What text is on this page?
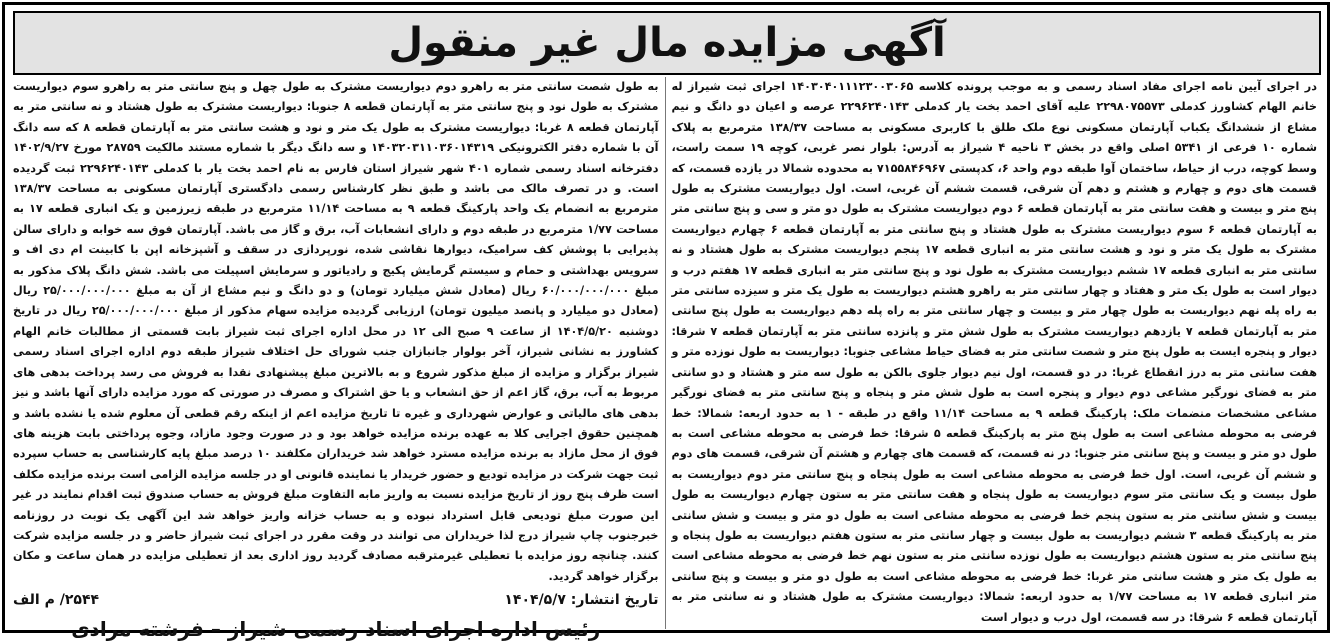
آگهی مزایده مال غیر منقول

در اجرای آیین نامه اجرای مفاد اسناد رسمی و به موجب پرونده کلاسه ۱۴۰۳۰۴۰۱۱۱۲۳۰۰۳۰۶۵ اجرای ثبت شیراز له خانم الهام کشاورز کدملی ۲۲۹۸۰۷۵۵۷۳ علیه آقای احمد بخت یار کدملی ۲۲۹۶۲۴۰۱۴۳ عرصه و اعیان دو دانگ و نیم مشاع از ششدانگ یکباب آپارتمان مسکونی نوع ملک طلق با کاربری مسکونی به مساحت ۱۳۸/۳۷ مترمربع به پلاک شماره ۱۰ فرعی از ۵۳۴۱ اصلی واقع در بخش ۳ ناحیه ۴ شیراز به آدرس: بلوار نصر غربی، کوچه ۱۹ سمت راست، وسط کوچه، درب از حیاط، ساختمان آوا طبقه دوم واحد ۶، کدپستی ۷۱۵۵۸۴۶۹۶۷ به محدوده شمالا در یازده قسمت، که قسمت های دوم و چهارم و هشتم و دهم آن شرقی، قسمت ششم آن غربی، است. اول دیواریست مشترک به طول پنج متر و بیست و هفت سانتی متر به آپارتمان قطعه ۶ دوم دیواریست مشترک به طول دو متر و سی و پنج سانتی متر به آپارتمان قطعه ۶ سوم دیواریست مشترک به طول هشتاد و پنج سانتی متر به آپارتمان قطعه ۶ چهارم دیواریست مشترک به طول یک متر و نود و هشت سانتی متر به انباری قطعه ۱۷ پنجم دیواریست مشترک به طول هشتاد و نه سانتی متر به انباری قطعه ۱۷ ششم دیواریست مشترک به طول نود و پنج سانتی متر به انباری قطعه ۱۷ هفتم درب و دیوار است به طول یک متر و هفتاد و چهار سانتی متر به راهرو هشتم دیواریست به طول یک متر و سیزده سانتی متر به راه پله نهم دیواریست به طول چهار متر و بیست و چهار سانتی متر به راه پله دهم دیواریست به طول پنج سانتی متر به آپارتمان قطعه ۷ یازدهم دیواریست مشترک به طول شش متر و پانزده سانتی متر به آپارتمان قطعه ۷ شرقا: دیوار و پنجره ایست به طول پنج متر و شصت سانتی متر به فضای حیاط مشاعی جنوبا: دیواریست به طول نوزده متر و هفت سانتی متر به درز انقطاع غربا: در دو قسمت، اول نیم دیوار جلوی بالکن به طول سه متر و هشتاد و دو سانتی متر به فضای نورگیر مشاعی دوم دیوار و پنجره است به طول شش متر و پنجاه و پنج سانتی متر به فضای نورگیر مشاعی مشخصات منضمات ملک: پارکینگ قطعه ۹ به مساحت ۱۱/۱۴ واقع در طبقه - ۱ به حدود اربعه: شمالا: خط فرضی به محوطه مشاعی است به طول پنج متر به پارکینگ قطعه ۵ شرقا: خط فرضی به محوطه مشاعی است به طول دو متر و بیست و پنج سانتی متر جنوبا: در نه قسمت، که قسمت های چهارم و هشتم آن شرقی، قسمت های دوم و ششم آن غربی، است. اول خط فرضی به محوطه مشاعی است به طول پنجاه و پنج سانتی متر دوم دیواریست به طول بیست و یک سانتی متر سوم دیواریست به طول پنجاه و هفت سانتی متر به ستون چهارم دیواریست به طول بیست و شش سانتی متر به ستون پنجم خط فرضی به محوطه مشاعی است به طول دو متر و بیست و شش سانتی متر به پارکینگ قطعه ۳ ششم دیواریست به طول بیست و چهار سانتی متر به ستون هفتم دیواریست به طول پنجاه و پنج سانتی متر به ستون هشتم دیواریست به طول نوزده سانتی متر به ستون نهم خط فرضی به محوطه مشاعی است به طول یک متر و هشت سانتی متر غربا: خط فرضی به محوطه مشاعی است به طول دو متر و بیست و پنج سانتی متر انباری قطعه ۱۷ به مساحت ۱/۷۷ به حدود اربعه: شمالا: دیواریست مشترک به طول هشتاد و نه سانتی متر به آپارتمان قطعه ۶ شرقا: در سه قسمت، اول درب و دیوار است

به طول شصت سانتی متر به راهرو دوم دیواریست مشترک به طول چهل و پنج سانتی متر به راهرو سوم دیواریست مشترک به طول نود و پنج سانتی متر به آپارتمان قطعه ۸ جنوبا: دیواریست مشترک به طول هشتاد و نه سانتی متر به آپارتمان قطعه ۸ غربا: دیواریست مشترک به طول یک متر و نود و هشت سانتی متر به آپارتمان قطعه ۸ که سه دانگ آن با شماره دفتر الکترونیکی ۱۴۰۳۲۰۳۱۱۰۳۶۰۱۴۳۱۹ و سه دانگ دیگر با شماره مستند مالکیت ۲۸۷۵۹ مورخ ۱۴۰۲/۹/۲۷ دفترخانه اسناد رسمی شماره ۴۰۱ شهر شیراز استان فارس به نام احمد بخت یار با کدملی ۲۲۹۶۲۴۰۱۴۳ ثبت گردیده است. و در تصرف مالک می باشد و طبق نظر کارشناس رسمی دادگستری آپارتمان مسکونی به مساحت ۱۳۸/۳۷ مترمربع به انضمام یک واحد پارکینگ قطعه ۹ به مساحت ۱۱/۱۴ مترمربع در طبقه زیرزمین و یک انباری قطعه ۱۷ به مساحت ۱/۷۷ مترمربع در طبقه دوم و دارای انشعابات آب، برق و گاز می باشد. آپارتمان فوق سه خوابه و دارای سالن پذیرایی با پوشش کف سرامیک، دیوارها نقاشی شده، نورپردازی در سقف و آشپزخانه اپن با کابینت ام دی اف و سرویس بهداشتی و حمام و سیستم گرمایش پکیج و رادیاتور و سرمایش اسپیلت می باشد. شش دانگ پلاک مذکور به مبلغ ۶۰/۰۰۰/۰۰۰/۰۰۰ ریال (معادل شش میلیارد تومان) و دو دانگ و نیم مشاع از آن به مبلغ ۲۵/۰۰۰/۰۰۰/۰۰۰ ریال (معادل دو میلیارد و پانصد میلیون تومان) ارزیابی گردیده مزایده سهام مذکور از مبلغ ۲۵/۰۰۰/۰۰۰/۰۰۰ ریال در تاریخ دوشنبه ۱۴۰۴/۵/۲۰ از ساعت ۹ صبح الی ۱۲ در محل اداره اجرای ثبت شیراز بابت قسمتی از مطالبات خانم الهام کشاورز به نشانی شیراز، آخر بولوار جانبازان جنب شورای حل اختلاف شیراز طبقه دوم اداره اجرای اسناد رسمی شیراز برگزار و مزایده از مبلغ مذکور شروع و به بالاترین مبلغ پیشنهادی نقدا به فروش می رسد پرداخت بدهی های مربوط به آب، برق، گاز اعم از حق انشعاب و یا حق اشتراک و مصرف در صورتی که مورد مزایده دارای آنها باشد و نیز بدهی های مالیاتی و عوارض شهرداری و غیره تا تاریخ مزایده اعم از اینکه رقم قطعی آن معلوم شده یا نشده باشد و همچنین حقوق اجرایی کلا به عهده برنده مزایده خواهد بود و در صورت وجود مازاد، وجوه پرداختی بابت هزینه های فوق از محل مازاد به برنده مزایده مسترد خواهد شد خریداران مکلفند ۱۰ درصد مبلغ پایه کارشناسی به حساب سپرده ثبت جهت شرکت در مزایده تودیع و حضور خریدار یا نماینده قانونی او در جلسه مزایده الزامی است برنده مزایده مکلف است ظرف پنج روز از تاریخ مزایده نسبت به واریز مابه التفاوت مبلغ فروش به حساب صندوق ثبت اقدام نمایند در غیر این صورت مبلغ تودیعی قابل استرداد نبوده و به حساب خزانه واریز خواهد شد این آگهی یک نوبت در روزنامه خبرجنوب چاپ شیراز درج لذا خریداران می توانند در وقت مقرر در اجرای ثبت شیراز حاضر و در جلسه مزایده شرکت کنند. چنانچه روز مزایده با تعطیلی غیرمترقبه مصادف گردید روز اداری بعد از تعطیلی مزایده در همان ساعت و مکان برگزار خواهد گردید.

تاریخ انتشار: ۱۴۰۴/۵/۷
۲۵۴۴/ م الف
رئیس اداره اجرای اسناد رسمی شیراز – فرشته مرادی
